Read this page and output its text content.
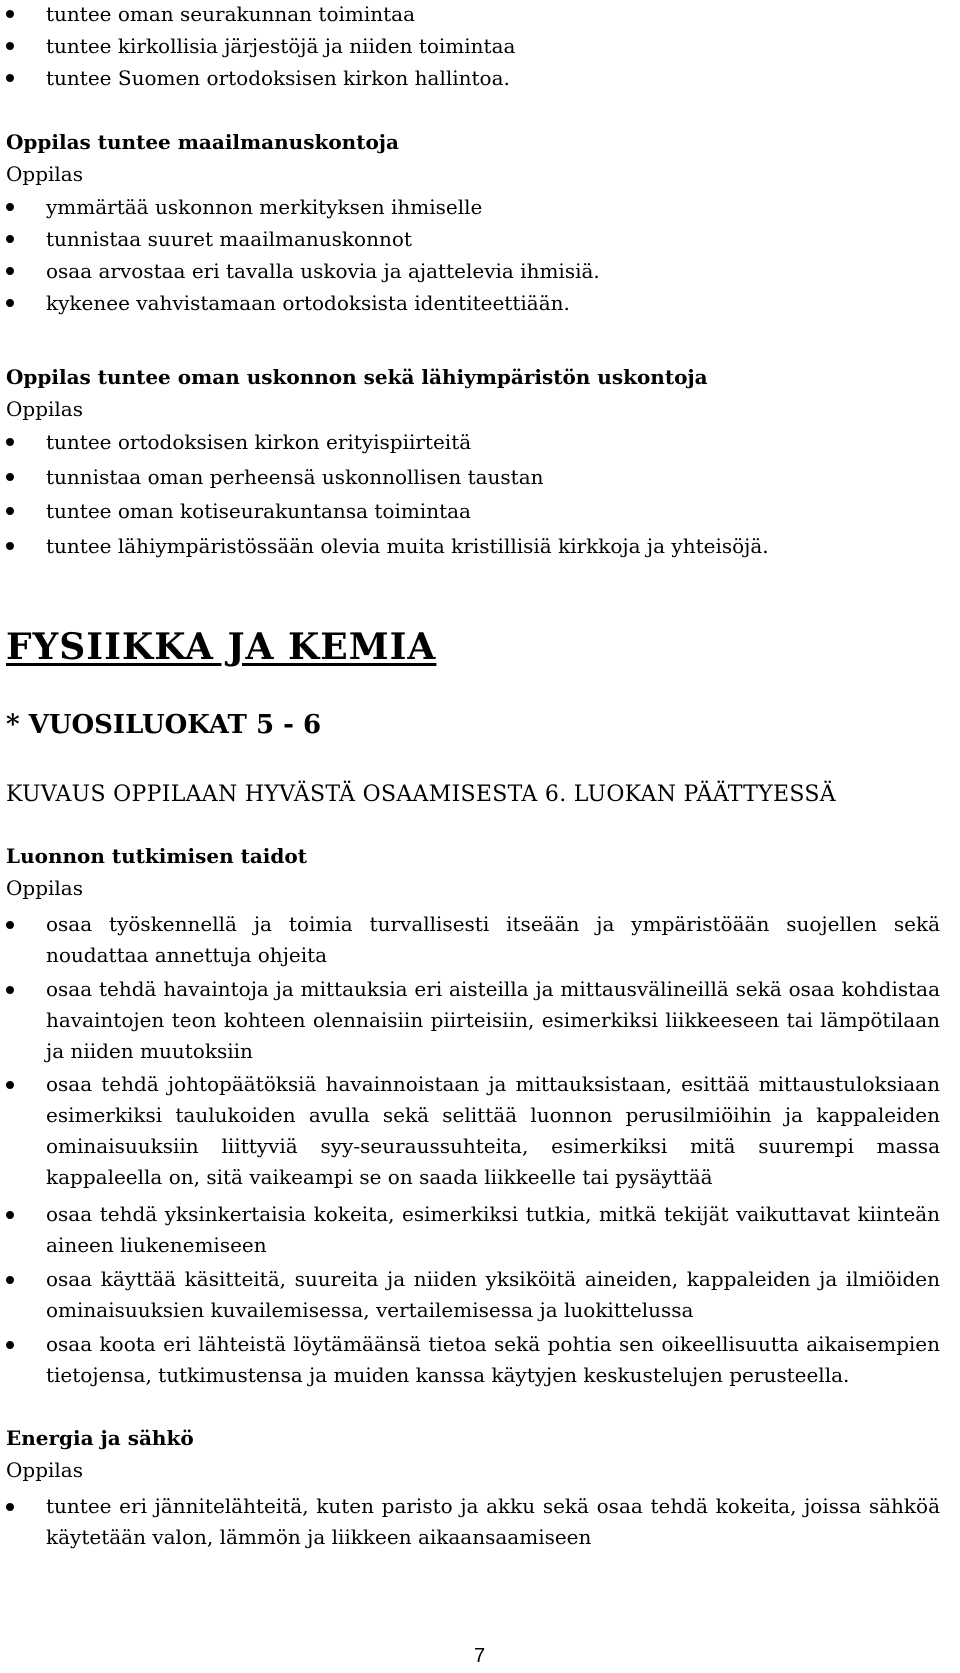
tuntee oman seurakunnan toimintaa
tuntee kirkollisia järjestöjä ja niiden toimintaa
tuntee Suomen ortodoksisen kirkon hallintoa.

Oppilas tuntee maailmanuskontoja

Oppilas

ymmärtää uskonnon merkityksen ihmiselle
tunnistaa suuret maailmanuskonnot
osaa arvostaa eri tavalla uskovia ja ajattelevia ihmisiä.
kykenee vahvistamaan ortodoksista identiteettiään.

Oppilas tuntee oman uskonnon sekä lähiympäristön uskontoja

Oppilas

tuntee ortodoksisen kirkon erityispiirteitä
tunnistaa oman perheensä uskonnollisen taustan
tuntee oman kotiseurakuntansa toimintaa
tuntee lähiympäristössään olevia muita kristillisiä kirkkoja ja yhteisöjä.
FYSIIKKA JA KEMIA
* VUOSILUOKAT 5 - 6

KUVAUS OPPILAAN HYVÄSTÄ OSAAMISESTA 6. LUOKAN PÄÄTTYESSÄ

Luonnon tutkimisen taidot

Oppilas

osaa työskennellä ja toimia turvallisesti itseään ja ympäristöään suojellen sekä noudattaa annettuja ohjeita

osaa tehdä havaintoja ja mittauksia eri aisteilla ja mittausvälineillä sekä osaa kohdistaa havaintojen teon kohteen olennaisiin piirteisiin, esimerkiksi liikkeeseen tai lämpötilaan ja niiden muutoksiin

osaa tehdä johtopäätöksiä havainnoistaan ja mittauksistaan, esittää mittaustuloksiaan esimerkiksi taulukoiden avulla sekä selittää luonnon perusilmiöihin ja kappaleiden ominaisuuksiin liittyviä syy-seuraussuhteita, esimerkiksi mitä suurempi massa kappaleella on, sitä vaikeampi se on saada liikkeelle tai pysäyttää

osaa tehdä yksinkertaisia kokeita, esimerkiksi tutkia, mitkä tekijät vaikuttavat kiinteän aineen liukenemiseen

osaa käyttää käsitteitä, suureita ja niiden yksiköitä aineiden, kappaleiden ja ilmiöiden ominaisuuksien kuvailemisessa, vertailemisessa ja luokittelussa

osaa koota eri lähteistä löytämäänsä tietoa sekä pohtia sen oikeellisuutta aikaisempien tietojensa, tutkimustensa ja muiden kanssa käytyjen keskustelujen perusteella.

Energia ja sähkö

Oppilas

tuntee eri jännitelähteitä, kuten paristo ja akku sekä osaa tehdä kokeita, joissa sähköä käytetään valon, lämmön ja liikkeen aikaansaamiseen

7
